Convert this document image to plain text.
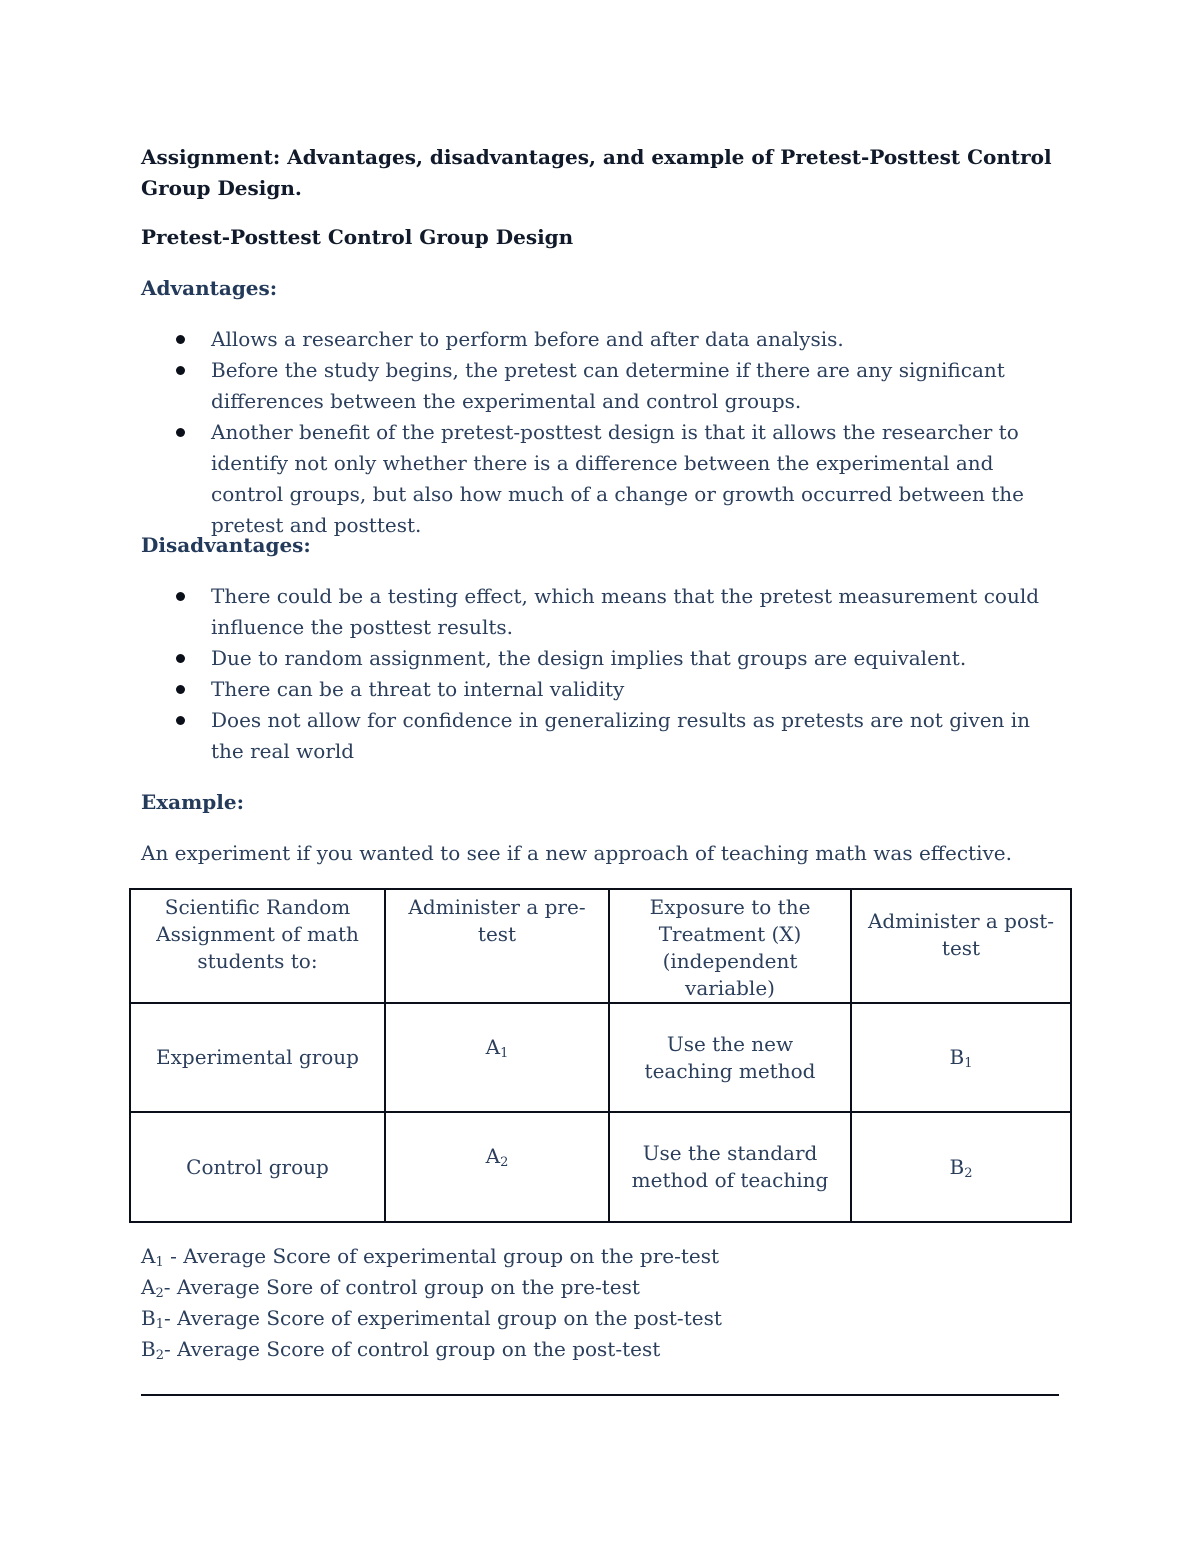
Assignment: Advantages, disadvantages, and example of Pretest-Posttest Control Group Design.
Pretest-Posttest Control Group Design
Advantages:
Allows a researcher to perform before and after data analysis.
Before the study begins, the pretest can determine if there are any significant differences between the experimental and control groups.
Another benefit of the pretest-posttest design is that it allows the researcher to identify not only whether there is a difference between the experimental and control groups, but also how much of a change or growth occurred between the pretest and posttest.
Disadvantages:
There could be a testing effect, which means that the pretest measurement could influence the posttest results.
Due to random assignment, the design implies that groups are equivalent.
There can be a threat to internal validity
Does not allow for confidence in generalizing results as pretests are not given in the real world
Example:
An experiment if you wanted to see if a new approach of teaching math was effective.
Scientific Random Assignment of math students to:	Administer a pre-test	Exposure to the Treatment (X) (independent variable)	Administer a post-test
Experimental group	$A_1$	Use the new teaching method	$B_1$
Control group	$A_2$	Use the standard method of teaching	$B_2$
$A_1$ - Average Score of experimental group on the pre-test
$A_2-$ Average Sore of control group on the pre-test
$B_1-$ Average Score of experimental group on the post-test
$B_2-$ Average Score of control group on the post-test
